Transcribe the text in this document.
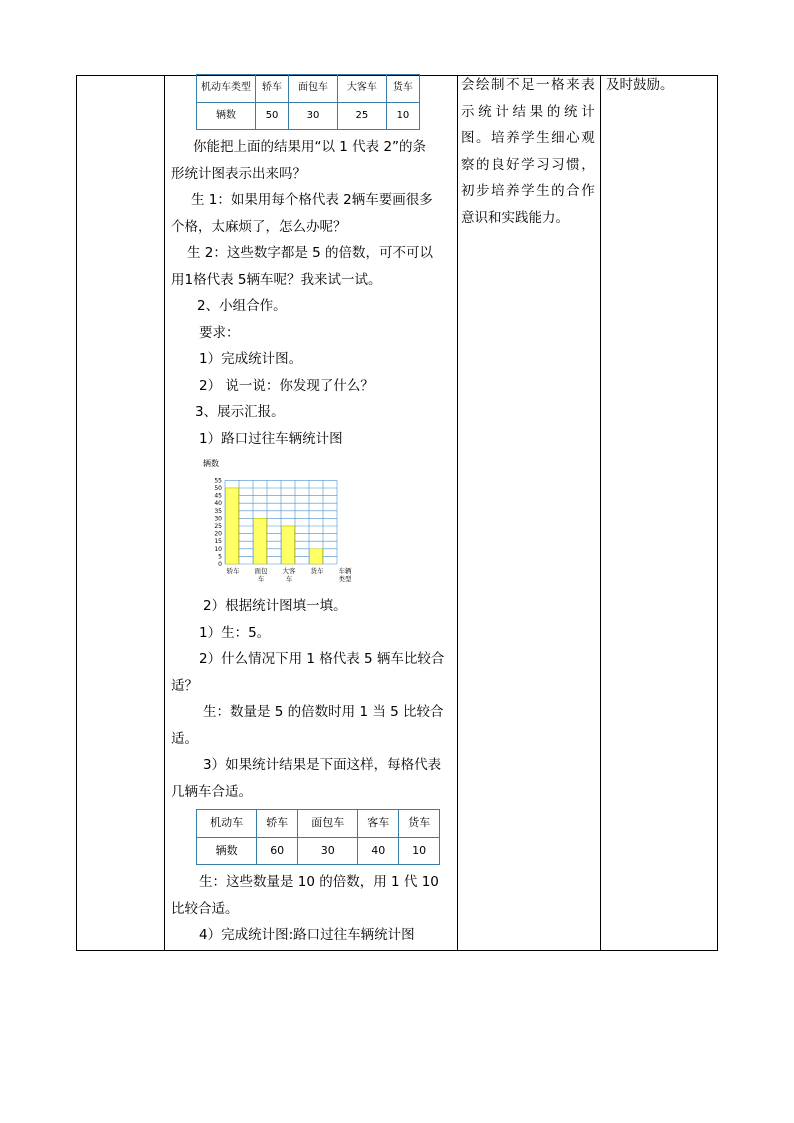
机动车类型	轿车	面包车	大客车	货车
辆数	50	30	25	10

你能把上面的结果用“以 1 代表 2”的条

形统计图表示出来吗？

生 1：如果用每个格代表 2辆车要画很多

个格，太麻烦了，怎么办呢？

生 2：这些数字都是 5 的倍数，可不可以

用1格代表 5辆车呢？我来试一试。

2、小组合作。

要求：

1）完成统计图。

2） 说一说：你发现了什么？

3、展示汇报。

1）路口过往车辆统计图

辆数
0
5
10
15
20
25
30
35
40
45
50
55
轿车 面包
车
大客
车
货车 车辆
类型

2）根据统计图填一填。

1）生：5。

2）什么情况下用 1 格代表 5 辆车比较合

适？

生：数量是 5 的倍数时用 1 当 5 比较合

适。

3）如果统计结果是下面这样，每格代表

几辆车合适。

机动车	轿车	面包车	客车	货车
辆数	60	30	40	10

生：这些数量是 10 的倍数，用 1 代 10

比较合适。

4）完成统计图:路口过往车辆统计图

会绘制不足一格来表

示统计结果的统计

图。培养学生细心观

察的良好学习习惯，

初步培养学生的合作

意识和实践能力。

及时鼓励。
